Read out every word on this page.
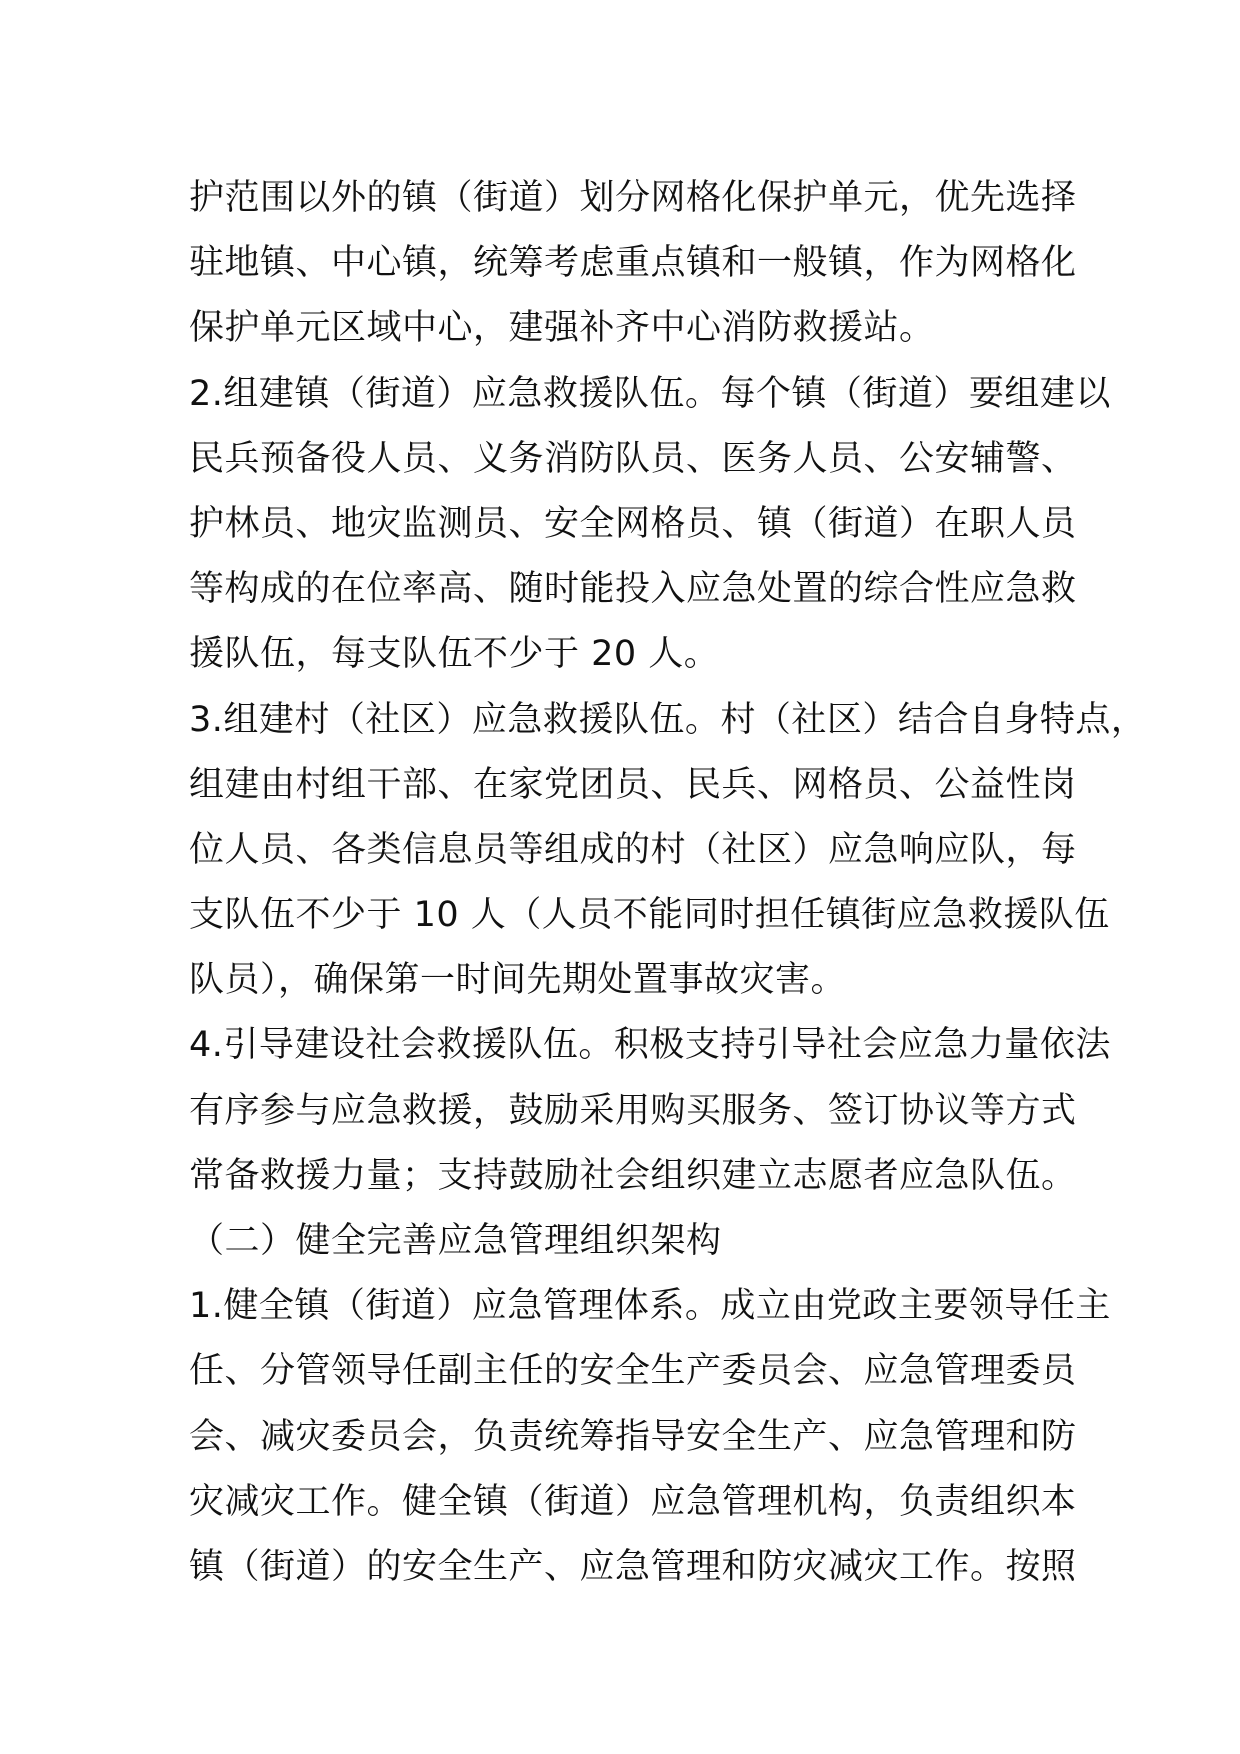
护范围以外的镇（街道）划分网格化保护单元，优先选择
驻地镇、中心镇，统筹考虑重点镇和一般镇，作为网格化
保护单元区域中心，建强补齐中心消防救援站。
2.组建镇（街道）应急救援队伍。每个镇（街道）要组建以
民兵预备役人员、义务消防队员、医务人员、公安辅警、
护林员、地灾监测员、安全网格员、镇（街道）在职人员
等构成的在位率高、随时能投入应急处置的综合性应急救
援队伍，每支队伍不少于 20 人。
3.组建村（社区）应急救援队伍。村（社区）结合自身特点，
组建由村组干部、在家党团员、民兵、网格员、公益性岗
位人员、各类信息员等组成的村（社区）应急响应队，每
支队伍不少于 10 人（人员不能同时担任镇街应急救援队伍
队员），确保第一时间先期处置事故灾害。
4.引导建设社会救援队伍。积极支持引导社会应急力量依法
有序参与应急救援，鼓励采用购买服务、签订协议等方式
常备救援力量；支持鼓励社会组织建立志愿者应急队伍。
（二）健全完善应急管理组织架构
1.健全镇（街道）应急管理体系。成立由党政主要领导任主
任、分管领导任副主任的安全生产委员会、应急管理委员
会、减灾委员会，负责统筹指导安全生产、应急管理和防
灾减灾工作。健全镇（街道）应急管理机构，负责组织本
镇（街道）的安全生产、应急管理和防灾减灾工作。按照
